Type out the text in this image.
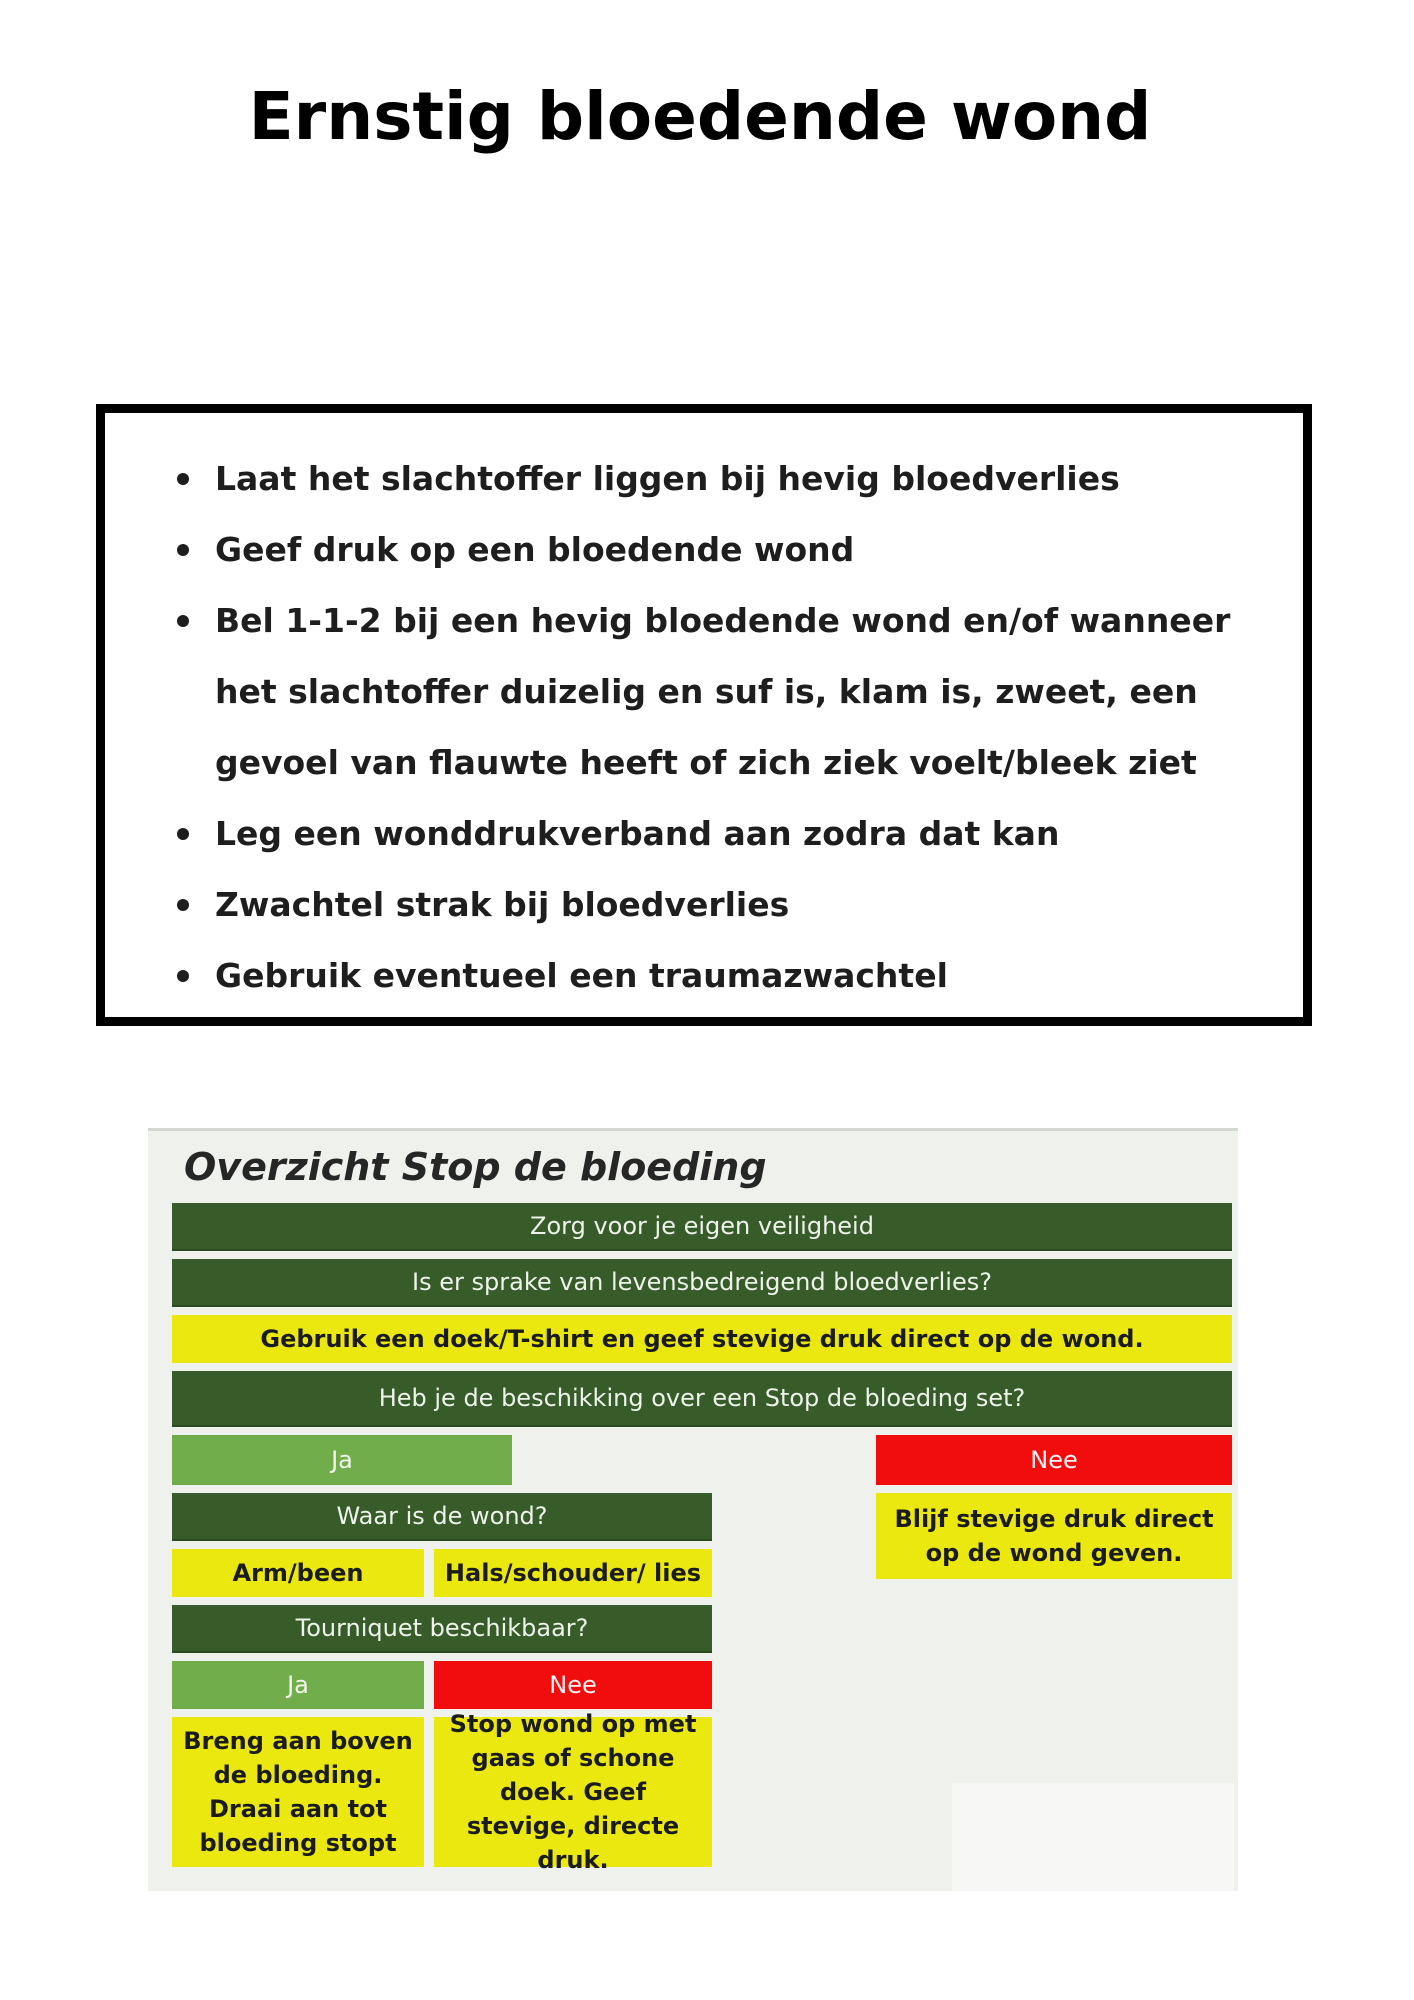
Ernstig bloedende wond
Laat het slachtoffer liggen bij hevig bloedverlies
Geef druk op een bloedende wond
Bel 1-1-2 bij een hevig bloedende wond en/of wanneer het slachtoffer duizelig en suf is, klam is, zweet, een gevoel van flauwte heeft of zich ziek voelt/bleek ziet
Leg een wonddrukverband aan zodra dat kan
Zwachtel strak bij bloedverlies
Gebruik eventueel een traumazwachtel
Overzicht Stop de bloeding
Zorg voor je eigen veiligheid
Is er sprake van levensbedreigend bloedverlies?
Gebruik een doek/T-shirt en geef stevige druk direct op de wond.
Heb je de beschikking over een Stop de bloeding set?
Ja	Nee
Blijf stevige druk direct op de wond geven.
Waar is de wond?
Arm/been	Hals/schouder/ lies
Tourniquet beschikbaar?
Ja	Nee
Breng aan boven de bloeding. Draai aan tot bloeding stopt
Stop wond op met gaas of schone doek. Geef stevige, directe druk.
